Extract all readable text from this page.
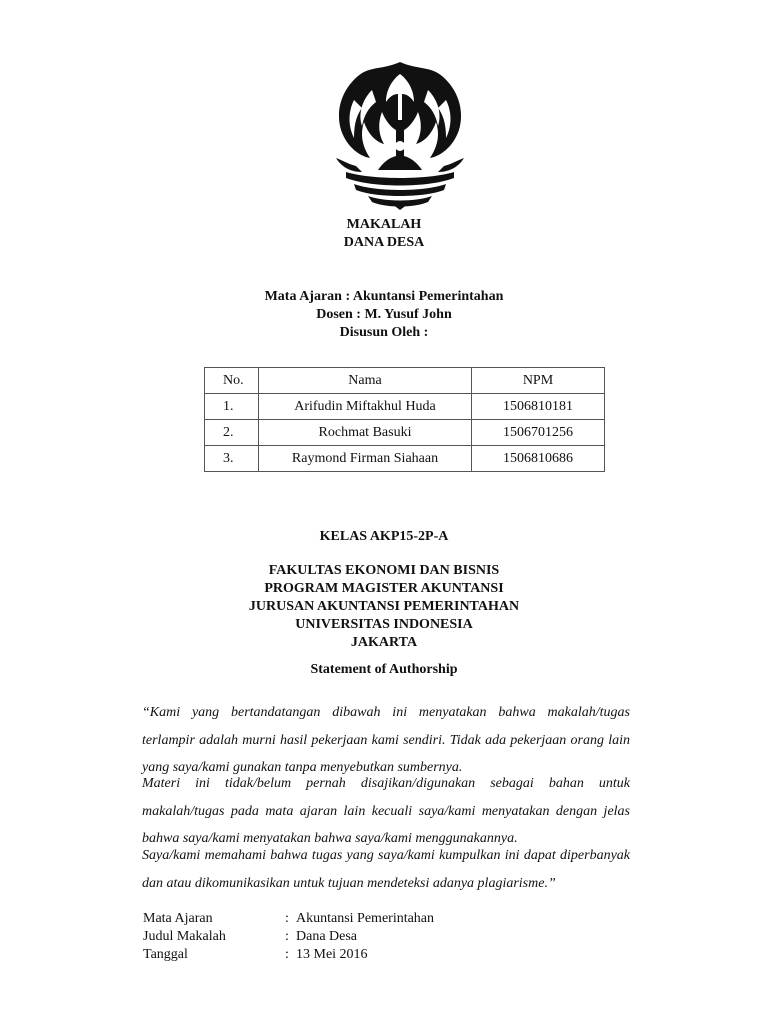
MAKALAH
DANA DESA
Mata Ajaran : Akuntansi Pemerintahan
Dosen : M. Yusuf John
Disusun Oleh :
No.	Nama	NPM
1.	Arifudin Miftakhul Huda	1506810181
2.	Rochmat Basuki	1506701256
3.	Raymond Firman Siahaan	1506810686
KELAS AKP15-2P-A
FAKULTAS EKONOMI DAN BISNIS
PROGRAM MAGISTER AKUNTANSI
JURUSAN AKUNTANSI PEMERINTAHAN
UNIVERSITAS INDONESIA
JAKARTA
Statement of Authorship
“Kami yang bertandatangan dibawah ini menyatakan bahwa makalah/tugas
terlampir adalah murni hasil pekerjaan kami sendiri. Tidak ada pekerjaan orang lain
yang saya/kami gunakan tanpa menyebutkan sumbernya.
Materi ini tidak/belum pernah disajikan/digunakan sebagai bahan untuk
makalah/tugas pada mata ajaran lain kecuali saya/kami menyatakan dengan jelas
bahwa saya/kami menyatakan bahwa saya/kami menggunakannya.
Saya/kami memahami bahwa tugas yang saya/kami kumpulkan ini dapat diperbanyak
dan atau dikomunikasikan untuk tujuan mendeteksi adanya plagiarisme.”
Mata Ajaran	: Akuntansi Pemerintahan
Judul Makalah	: Dana Desa
Tanggal	: 13 Mei 2016
